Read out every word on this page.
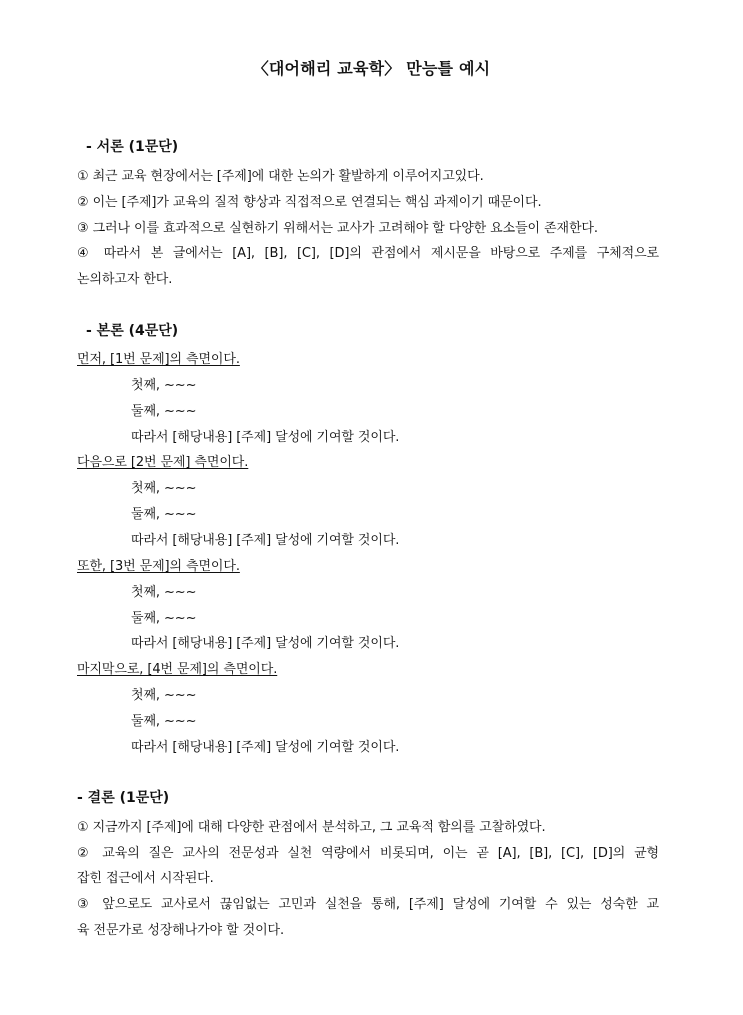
〈대어해리 교육학〉 만능틀 예시
- 서론 (1문단)
① 최근 교육 현장에서는 [주제]에 대한 논의가 활발하게 이루어지고있다.
② 이는 [주제]가 교육의 질적 향상과 직접적으로 연결되는 핵심 과제이기 때문이다.
③ 그러나 이를 효과적으로 실현하기 위해서는 교사가 고려해야 할 다양한 요소들이 존재한다.
④ 따라서 본 글에서는 [A], [B], [C], [D]의 관점에서 제시문을 바탕으로 주제를 구체적으로
논의하고자 한다.
- 본론 (4문단)
먼저, [1번 문제]의 측면이다.
첫째, ~~~
둘째, ~~~
따라서 [해당내용] [주제] 달성에 기여할 것이다.
다음으로 [2번 문제] 측면이다.
첫째, ~~~
둘째, ~~~
따라서 [해당내용] [주제] 달성에 기여할 것이다.
또한, [3번 문제]의 측면이다.
첫째, ~~~
둘째, ~~~
따라서 [해당내용] [주제] 달성에 기여할 것이다.
마지막으로, [4번 문제]의 측면이다.
첫째, ~~~
둘째, ~~~
따라서 [해당내용] [주제] 달성에 기여할 것이다.
- 결론 (1문단)
① 지금까지 [주제]에 대해 다양한 관점에서 분석하고, 그 교육적 함의를 고찰하였다.
② 교육의 질은 교사의 전문성과 실천 역량에서 비롯되며, 이는 곧 [A], [B], [C], [D]의 균형
잡힌 접근에서 시작된다.
③ 앞으로도 교사로서 끊임없는 고민과 실천을 통해, [주제] 달성에 기여할 수 있는 성숙한 교
육 전문가로 성장해나가야 할 것이다.
